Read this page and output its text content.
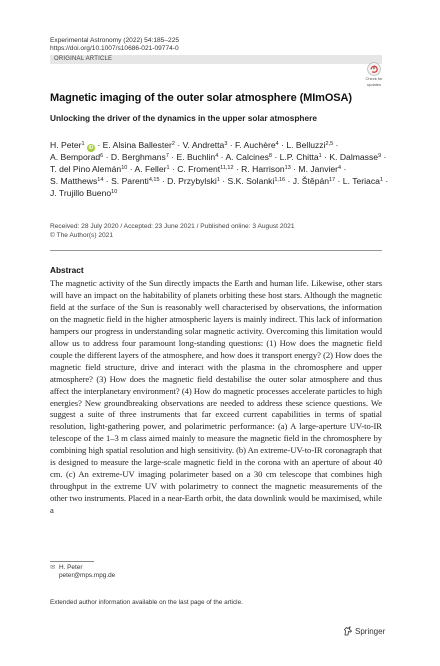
Experimental Astronomy (2022) 54:185–225
https://doi.org/10.1007/s10686-021-09774-0
ORIGINAL ARTICLE
Check for
updates
Magnetic imaging of the outer solar atmosphere (MImOSA)
Unlocking the driver of the dynamics in the upper solar atmosphere
H. Peter$^1$ iD · E. Alsina Ballester$^2$ · V. Andretta$^3$ · F. Auchère$^4$ · L. Belluzzi$^{2,5}$ · A. Bemporad$^6$ · D. Berghmans$^7$ · E. Buchlin$^4$ · A. Calcines$^8$ · L.P. Chitta$^1$ · K. Dalmasse$^9$ · T. del Pino Alemán$^{10}$ · A. Feller$^1$ · C. Froment$^{11,12}$ · R. Harrison$^{13}$ · M. Janvier$^4$ · S. Matthews$^{14}$ · S. Parenti$^{4,15}$ · D. Przybylski$^1$ · S.K. Solanki$^{1,16}$ · J. Štěpán$^{17}$ · L. Teriaca$^1$ · J. Trujillo Bueno$^{10}$
Received: 28 July 2020 / Accepted: 23 June 2021 / Published online: 3 August 2021
© The Author(s) 2021
Abstract
The magnetic activity of the Sun directly impacts the Earth and human life. Likewise, other stars will have an impact on the habitability of planets orbiting these host stars. Although the magnetic field at the surface of the Sun is reasonably well characterised by observations, the information on the magnetic field in the higher atmospheric layers is mainly indirect. This lack of information hampers our progress in understanding solar magnetic activity. Overcoming this limitation would allow us to address four paramount long-standing questions: (1) How does the magnetic field couple the different layers of the atmosphere, and how does it transport energy? (2) How does the magnetic field structure, drive and interact with the plasma in the chromosphere and upper atmosphere? (3) How does the magnetic field destabilise the outer solar atmosphere and thus affect the interplanetary environment? (4) How do magnetic processes accelerate particles to high energies? New groundbreaking observations are needed to address these science questions. We suggest a suite of three instruments that far exceed current capabilities in terms of spatial resolution, light-gathering power, and polarimetric performance: (a) A large-aperture UV-to-IR telescope of the 1–3 m class aimed mainly to measure the magnetic field in the chromosphere by combining high spatial resolution and high sensitivity. (b) An extreme-UV-to-IR coronagraph that is designed to measure the large-scale magnetic field in the corona with an aperture of about 40 cm. (c) An extreme-UV imaging polarimeter based on a 30 cm telescope that combines high throughput in the extreme UV with polarimetry to connect the magnetic measurements of the other two instruments. Placed in a near-Earth orbit, the data downlink would be maximised, while a
✉ H. Peter
peter@mps.mpg.de
Extended author information available on the last page of the article.
Springer
